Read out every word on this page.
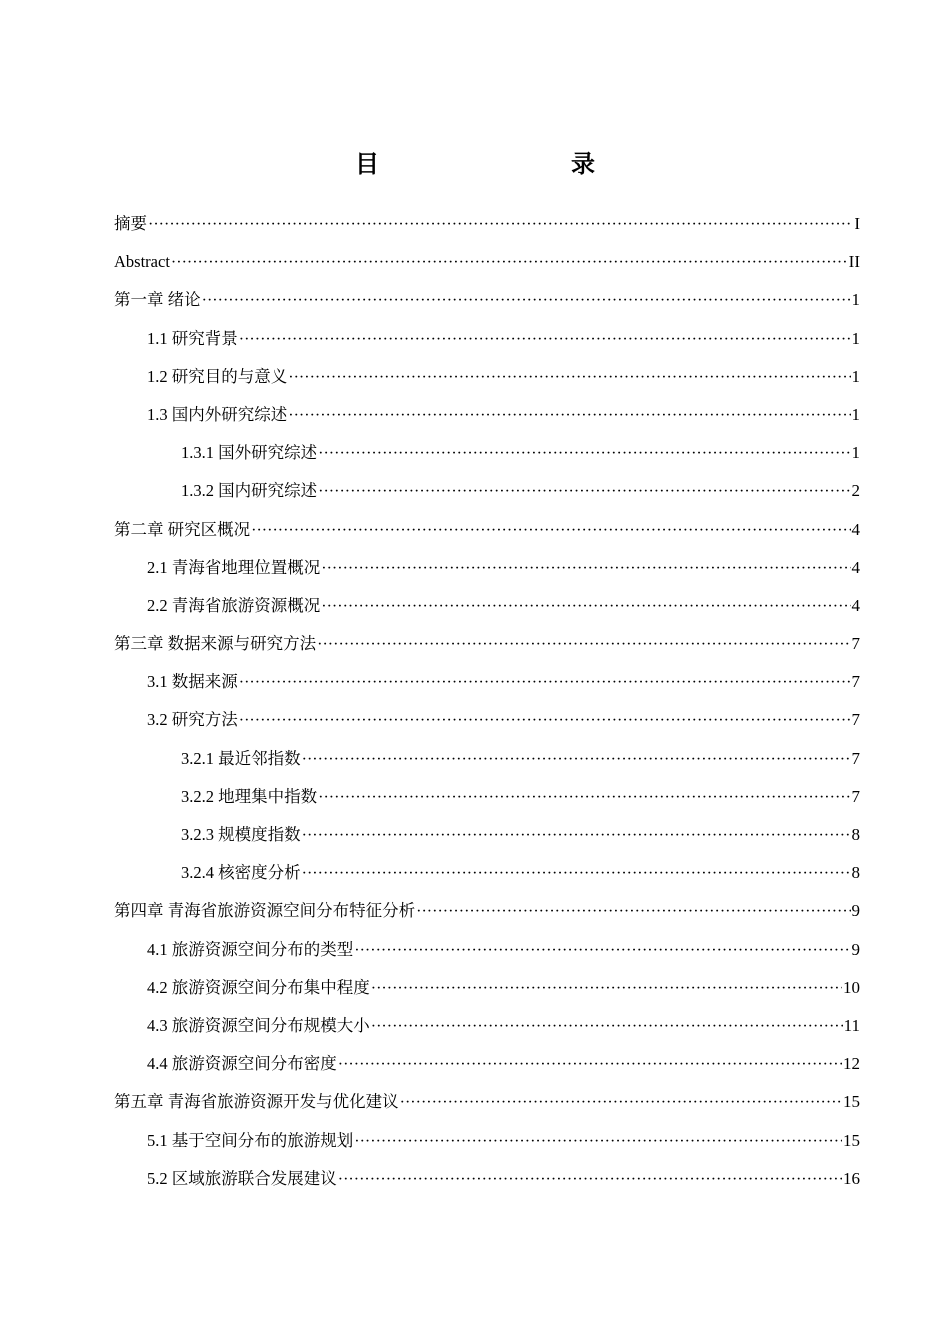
目　　录
摘要 ·····	I
Abstract ·····	II
第一章 绪论 ·····	1
1.1 研究背景 ·····	1
1.2 研究目的与意义 ·····	1
1.3 国内外研究综述 ·····	1
1.3.1 国外研究综述 ·····	1
1.3.2 国内研究综述 ·····	2
第二章 研究区概况 ·····	4
2.1 青海省地理位置概况 ·····	4
2.2 青海省旅游资源概况 ·····	4
第三章 数据来源与研究方法 ·····	7
3.1 数据来源 ·····	7
3.2 研究方法 ·····	7
3.2.1 最近邻指数 ·····	7
3.2.2 地理集中指数 ·····	7
3.2.3 规模度指数 ·····	8
3.2.4 核密度分析 ·····	8
第四章 青海省旅游资源空间分布特征分析 ·····	9
4.1 旅游资源空间分布的类型 ·····	9
4.2 旅游资源空间分布集中程度 ·····	10
4.3 旅游资源空间分布规模大小 ·····	11
4.4 旅游资源空间分布密度 ·····	12
第五章 青海省旅游资源开发与优化建议 ·····	15
5.1 基于空间分布的旅游规划 ·····	15
5.2 区域旅游联合发展建议 ·····	16
